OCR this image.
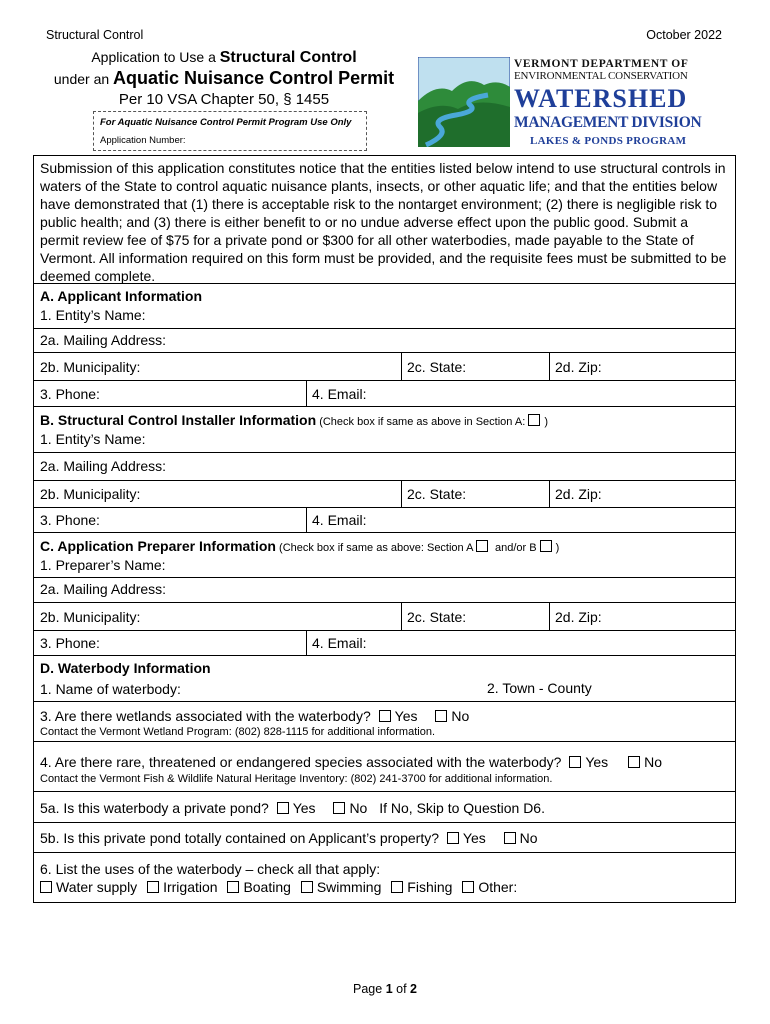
Structural Control	October 2022
Application to Use a Structural Control
under an Aquatic Nuisance Control Permit
Per 10 VSA Chapter 50, § 1455
For Aquatic Nuisance Control Permit Program Use Only
Application Number:
VERMONT DEPARTMENT OF
ENVIRONMENTAL CONSERVATION
WATERSHED
MANAGEMENT DIVISION
LAKES & PONDS PROGRAM
Submission of this application constitutes notice that the entities listed below intend to use structural controls in waters of the State to control aquatic nuisance plants, insects, or other aquatic life; and that the entities below have demonstrated that (1) there is acceptable risk to the nontarget environment; (2) there is negligible risk to public health; and (3) there is either benefit to or no undue adverse effect upon the public good. Submit a permit review fee of $75 for a private pond or $300 for all other waterbodies, made payable to the State of Vermont. All information required on this form must be provided, and the requisite fees must be submitted to be deemed complete.
A. Applicant Information
1. Entity’s Name:
2a. Mailing Address:
2b. Municipality:	2c. State:	2d. Zip:
3. Phone:	4. Email:
B. Structural Control Installer Information (Check box if same as above in Section A: )
1. Entity’s Name:
2a. Mailing Address:
2b. Municipality:	2c. State:	2d. Zip:
3. Phone:	4. Email:
C. Application Preparer Information (Check box if same as above: Section A  and/or B )
1. Preparer’s Name:
2a. Mailing Address:
2b. Municipality:	2c. State:	2d. Zip:
3. Phone:	4. Email:
D. Waterbody Information
1. Name of waterbody:	2. Town - County
3. Are there wetlands associated with the waterbody? Yes No
Contact the Vermont Wetland Program: (802) 828-1115 for additional information.
4. Are there rare, threatened or endangered species associated with the waterbody? Yes	No
Contact the Vermont Fish & Wildlife Natural Heritage Inventory: (802) 241-3700 for additional information.
5a. Is this waterbody a private pond? Yes No If No, Skip to Question D6.
5b. Is this private pond totally contained on Applicant’s property? Yes No
6. List the uses of the waterbody – check all that apply:
Water supply Irrigation Boating Swimming Fishing Other:
Page 1 of 2
